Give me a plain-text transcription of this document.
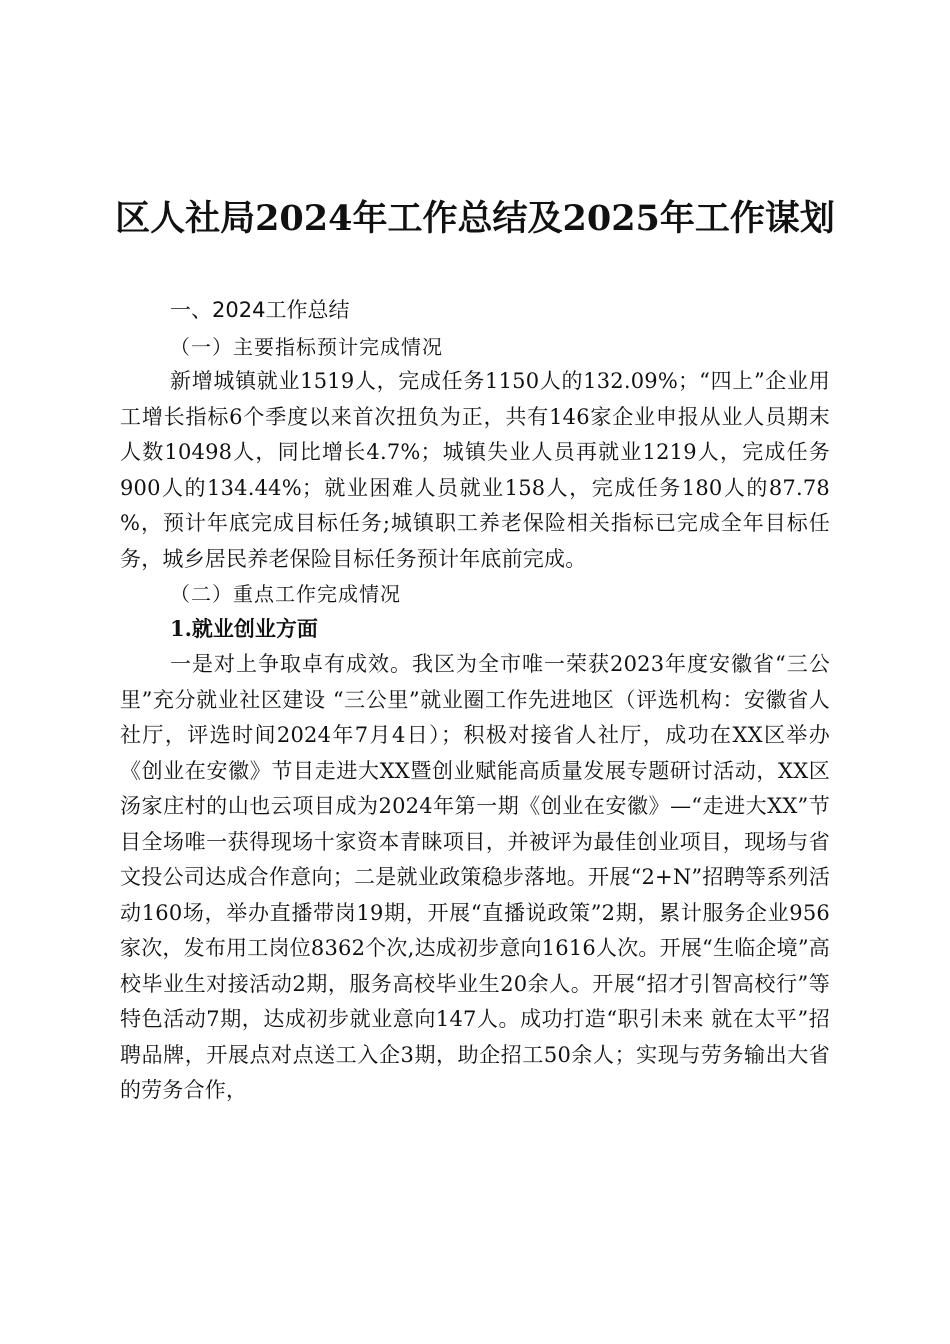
区人社局2024年工作总结及2025年工作谋划
一、2024工作总结
（一）主要指标预计完成情况

新增城镇就业1519人，完成任务1150人的132.09%；“四上”企业用工增长指标6个季度以来首次扭负为正，共有146家企业申报从业人员期末人数10498人，同比增长4.7%；城镇失业人员再就业1219人，完成任务900人的134.44%；就业困难人员就业158人，完成任务180人的87.78 %，预计年底完成目标任务;城镇职工养老保险相关指标已完成全年目标任务，城乡居民养老保险目标任务预计年底前完成。

（二）重点工作完成情况
1.就业创业方面

一是对上争取卓有成效。我区为全市唯一荣获2023年度安徽省“三公里”充分就业社区建设 “三公里”就业圈工作先进地区（评选机构：安徽省人社厅，评选时间2024年7月4日）；积极对接省人社厅，成功在XX区举办《创业在安徽》节目走进大XX暨创业赋能高质量发展专题研讨活动，XX区汤家庄村的山也云项目成为2024年第一期《创业在安徽》—“走进大XX”节目全场唯一获得现场十家资本青睐项目，并被评为最佳创业项目，现场与省文投公司达成合作意向；二是就业政策稳步落地。开展“2+N”招聘等系列活动160场，举办直播带岗19期，开展“直播说政策”2期，累计服务企业956家次，发布用工岗位8362个次,达成初步意向1616人次。开展“生临企境”高校毕业生对接活动2期，服务高校毕业生20余人。开展“招才引智高校行”等特色活动7期，达成初步就业意向147人。成功打造“职引未来 就在太平”招聘品牌，开展点对点送工入企3期，助企招工50余人；实现与劳务输出大省的劳务合作，
